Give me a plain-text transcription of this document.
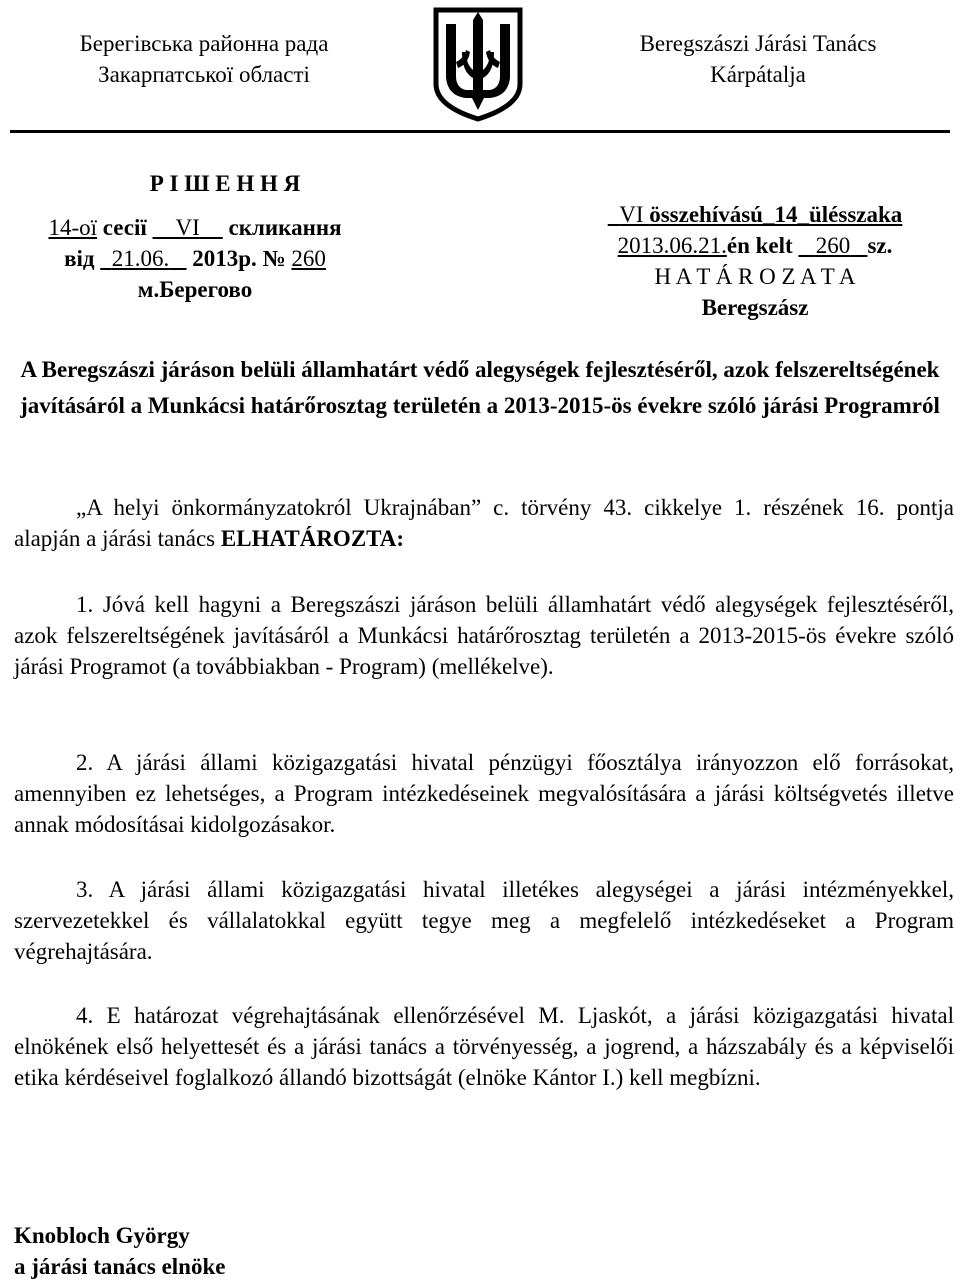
Берегівська районна рада
Закарпатської області
Beregszászi Járási Tanács
Kárpátalja
Р І Ш Е Н Н Я
14-ої сесії VI скликання
від 21.06. 2013р. № 260
м.Берегово
VI összehívású_14_ülésszaka
2013.06.21.én kelt 260 sz.
H A T Á R O Z A T A
Beregszász
A Beregszászi járáson belüli államhatárt védő alegységek fejlesztéséről, azok felszereltségének javításáról a Munkácsi határőrosztag területén a 2013-2015-ös évekre szóló járási Programról
„A helyi önkormányzatokról Ukrajnában” c. törvény 43. cikkelye 1. részének 16. pontja alapján a járási tanács ELHATÁROZTA:
1. Jóvá kell hagyni a Beregszászi járáson belüli államhatárt védő alegységek fejlesztéséről, azok felszereltségének javításáról a Munkácsi határőrosztag területén a 2013-2015-ös évekre szóló járási Programot (a továbbiakban - Program) (mellékelve).
2. A járási állami közigazgatási hivatal pénzügyi főosztálya irányozzon elő forrásokat, amennyiben ez lehetséges, a Program intézkedéseinek megvalósítására a járási költségvetés illetve annak módosításai kidolgozásakor.
3. A járási állami közigazgatási hivatal illetékes alegységei a járási intézményekkel, szervezetekkel és vállalatokkal együtt tegye meg a megfelelő intézkedéseket a Program végrehajtására.
4. E határozat végrehajtásának ellenőrzésével M. Ljaskót, a járási közigazgatási hivatal elnökének első helyettesét és a járási tanács a törvényesség, a jogrend, a házszabály és a képviselői etika kérdéseivel foglalkozó állandó bizottságát (elnöke Kántor I.) kell megbízni.
Knobloch György
a járási tanács elnöke
